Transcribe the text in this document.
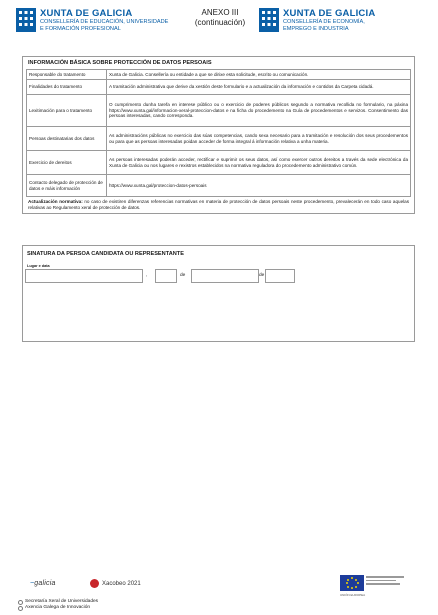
XUNTA DE GALICIA
CONSELLERÍA DE EDUCACIÓN, UNIVERSIDADE
E FORMACIÓN PROFESIONAL
ANEXO III
(continuación)
XUNTA DE GALICIA
CONSELLERÍA DE ECONOMÍA,
EMPREGO E INDUSTRIA
INFORMACIÓN BÁSICA SOBRE PROTECCIÓN DE DATOS PERSOAIS
Responsable do tratamento	Xunta de Galicia. Consellería ou entidade a que se dirixe esta solicitude, escrito ou comunicación.
Finalidades do tratamento	A tramitación administrativa que derive da xestión deste formulario e a actualización da información e contidos da Carpeta cidadá.
Lexitimación para o tratamento	O cumprimento dunha tarefa en interese público ou o exercicio de poderes públicos segundo a normativa recollida no formulario, na páxina https://www.xunta.gal/informacion-xeral-proteccion-datos e na ficha do procedemento na Guía de procedementos e servizos. Consentimento das persoas interesadas, cando corresponda.
Persoas destinatarias dos datos	As administracións públicas no exercicio das súas competencias, cando sexa necesario para a tramitación e resolución dos seus procedementos ou para que as persoas interesadas poidan acceder de forma integral á información relativa a unha materia.
Exercicio de dereitos	As persoas interesadas poderán acceder, rectificar e suprimir os seus datos, así como exercer outros dereitos a través da sede electrónica da Xunta de Galicia ou nos lugares e rexistros establecidos na normativa reguladora do procedemento administrativo común.
Contacto delegado de protección de datos e máis información	https://www.xunta.gal/proteccion-datos-persoais
Actualización normativa: no caso de existiren diferenzas referencias normativas en materia de protección de datos persoais neste procedemento, prevalecerán en todo caso aquelas relativas ao Regulamento xeral de protección de datos.
SINATURA DA PERSOA CANDIDATA OU REPRESENTANTE
Lugar e data
,	de	de
~galicia	Xacobeo 2021
UNIÓN EUROPEA
Secretaría Xeral de Universidades
Axencia Galega de Innovación
